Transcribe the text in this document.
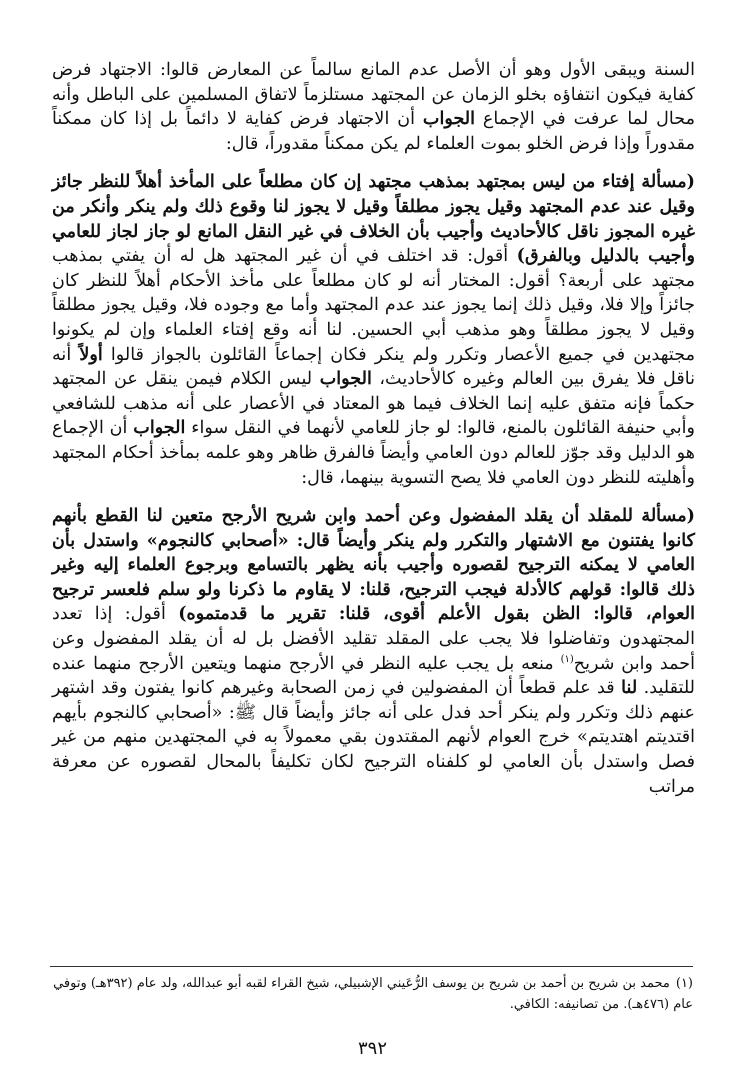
السنة ويبقى الأول وهو أن الأصل عدم المانع سالماً عن المعارض قالوا: الاجتهاد فرض كفاية فيكون انتفاؤه بخلو الزمان عن المجتهد مستلزماً لاتفاق المسلمين على الباطل وأنه محال لما عرفت في الإجماع الجواب أن الاجتهاد فرض كفاية لا دائماً بل إذا كان ممكناً مقدوراً وإذا فرض الخلو بموت العلماء لم يكن ممكناً مقدوراً، قال:

(مسألة إفتاء من ليس بمجتهد بمذهب مجتهد إن كان مطلعاً على المأخذ أهلاً للنظر جائز وقيل عند عدم المجتهد وقيل يجوز مطلقاً وقيل لا يجوز لنا وقوع ذلك ولم ينكر وأنكر من غيره المجوز ناقل كالأحاديث وأجيب بأن الخلاف في غير النقل المانع لو جاز لجاز للعامي وأجيب بالدليل وبالفرق) أقول: قد اختلف في أن غير المجتهد هل له أن يفتي بمذهب مجتهد على أربعة؟ أقول: المختار أنه لو كان مطلعاً على مأخذ الأحكام أهلاً للنظر كان جائزاً وإلا فلا، وقيل ذلك إنما يجوز عند عدم المجتهد وأما مع وجوده فلا، وقيل يجوز مطلقاً وقيل لا يجوز مطلقاً وهو مذهب أبي الحسين. لنا أنه وقع إفتاء العلماء وإن لم يكونوا مجتهدين في جميع الأعصار وتكرر ولم ينكر فكان إجماعاً القائلون بالجواز قالوا أولاً أنه ناقل فلا يفرق بين العالم وغيره كالأحاديث، الجواب ليس الكلام فيمن ينقل عن المجتهد حكماً فإنه متفق عليه إنما الخلاف فيما هو المعتاد في الأعصار على أنه مذهب للشافعي وأبي حنيفة القائلون بالمنع، قالوا: لو جاز للعامي لأنهما في النقل سواء الجواب أن الإجماع هو الدليل وقد جوّز للعالم دون العامي وأيضاً فالفرق ظاهر وهو علمه بمأخذ أحكام المجتهد وأهليته للنظر دون العامي فلا يصح التسوية بينهما، قال:

(مسألة للمقلد أن يقلد المفضول وعن أحمد وابن شريح الأرجح متعين لنا القطع بأنهم كانوا يفتنون مع الاشتهار والتكرر ولم ينكر وأيضاً قال: «أصحابي كالنجوم» واستدل بأن العامي لا يمكنه الترجيح لقصوره وأجيب بأنه يظهر بالتسامع وبرجوع العلماء إليه وغير ذلك قالوا: قولهم كالأدلة فيجب الترجيح، قلنا: لا يقاوم ما ذكرنا ولو سلم فلعسر ترجيح العوام، قالوا: الظن بقول الأعلم أقوى، قلنا: تقرير ما قدمتموه) أقول: إذا تعدد المجتهدون وتفاضلوا فلا يجب على المقلد تقليد الأفضل بل له أن يقلد المفضول وعن أحمد وابن شريح$^{(١)}$ منعه بل يجب عليه النظر في الأرجح منهما ويتعين الأرجح منهما عنده للتقليد. لنا قد علم قطعاً أن المفضولين في زمن الصحابة وغيرهم كانوا يفتون وقد اشتهر عنهم ذلك وتكرر ولم ينكر أحد فدل على أنه جائز وأيضاً قال ﷺ: «أصحابي كالنجوم بأيهم اقتديتم اهتديتم» خرج العوام لأنهم المقتدون بقي معمولاً به في المجتهدين منهم من غير فصل واستدل بأن العامي لو كلفناه الترجيح لكان تكليفاً بالمحال لقصوره عن معرفة مراتب

(١)محمد بن شريح بن أحمد بن شريح بن يوسف الرُّعَيني الإشبيلي، شيخ القراء لقبه أبو عبدالله، ولد عام (٣٩٢هـ) وتوفي عام (٤٧٦هـ). من تصانيفه: الكافي.

٣٩٢
